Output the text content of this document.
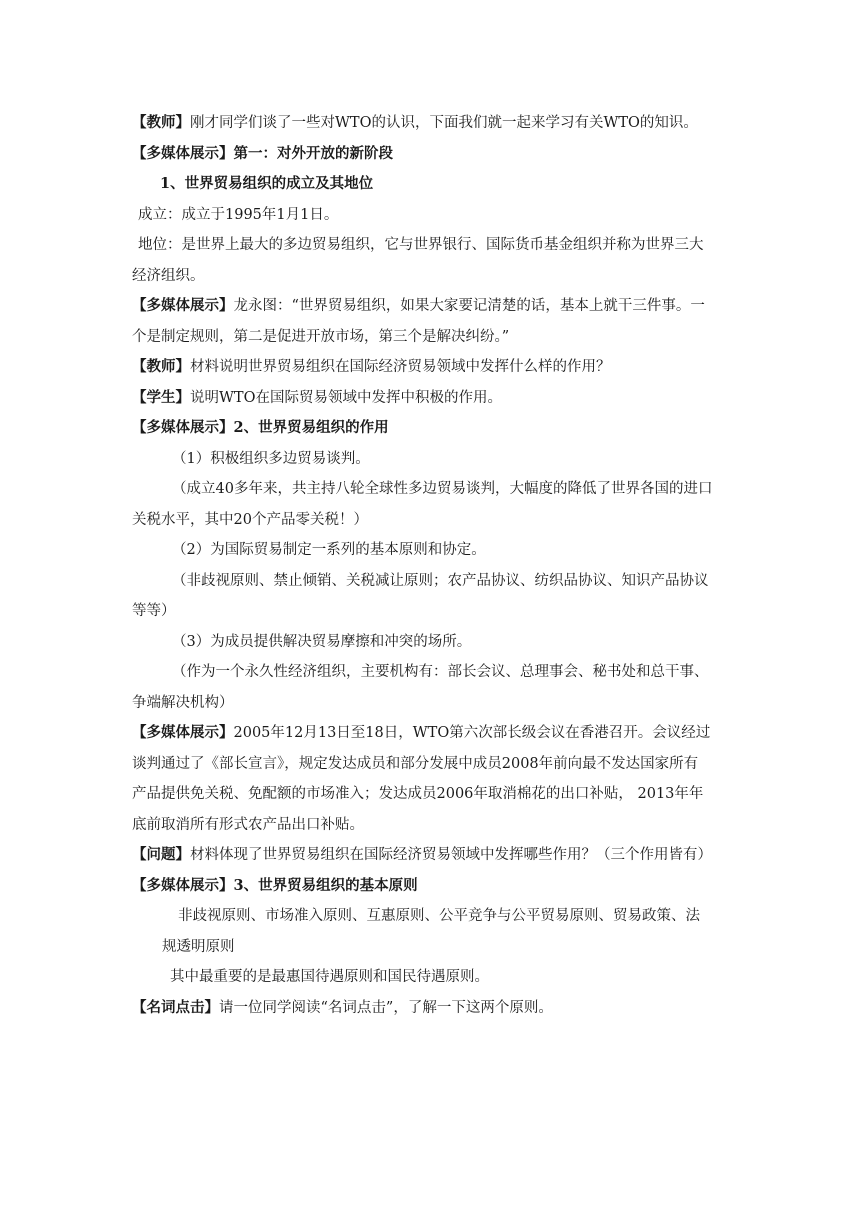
【教师】刚才同学们谈了一些对WTO的认识，下面我们就一起来学习有关WTO的知识。

【多媒体展示】第一：对外开放的新阶段

1、世界贸易组织的成立及其地位

成立：成立于1995年1月1日。

地位：是世界上最大的多边贸易组织，它与世界银行、国际货币基金组织并称为世界三大

经济组织。

【多媒体展示】龙永图：“世界贸易组织，如果大家要记清楚的话，基本上就干三件事。一

个是制定规则，第二是促进开放市场，第三个是解决纠纷。”

【教师】材料说明世界贸易组织在国际经济贸易领域中发挥什么样的作用？

【学生】说明WTO在国际贸易领域中发挥中积极的作用。

【多媒体展示】2、世界贸易组织的作用

（1）积极组织多边贸易谈判。

（成立40多年来，共主持八轮全球性多边贸易谈判，大幅度的降低了世界各国的进口

关税水平，其中20个产品零关税！）

（2）为国际贸易制定一系列的基本原则和协定。

（非歧视原则、禁止倾销、关税减让原则；农产品协议、纺织品协议、知识产品协议

等等）

（3）为成员提供解决贸易摩擦和冲突的场所。

（作为一个永久性经济组织，主要机构有：部长会议、总理事会、秘书处和总干事、

争端解决机构）

【多媒体展示】2005年12月13日至18日，WTO第六次部长级会议在香港召开。会议经过

谈判通过了《部长宣言》，规定发达成员和部分发展中成员2008年前向最不发达国家所有

产品提供免关税、免配额的市场准入；发达成员2006年取消棉花的出口补贴， 2013年年

底前取消所有形式农产品出口补贴。

【问题】材料体现了世界贸易组织在国际经济贸易领域中发挥哪些作用？（三个作用皆有）

【多媒体展示】3、世界贸易组织的基本原则

非歧视原则、市场准入原则、互惠原则、公平竞争与公平贸易原则、贸易政策、法

规透明原则

其中最重要的是最惠国待遇原则和国民待遇原则。

【名词点击】请一位同学阅读“名词点击”，了解一下这两个原则。
